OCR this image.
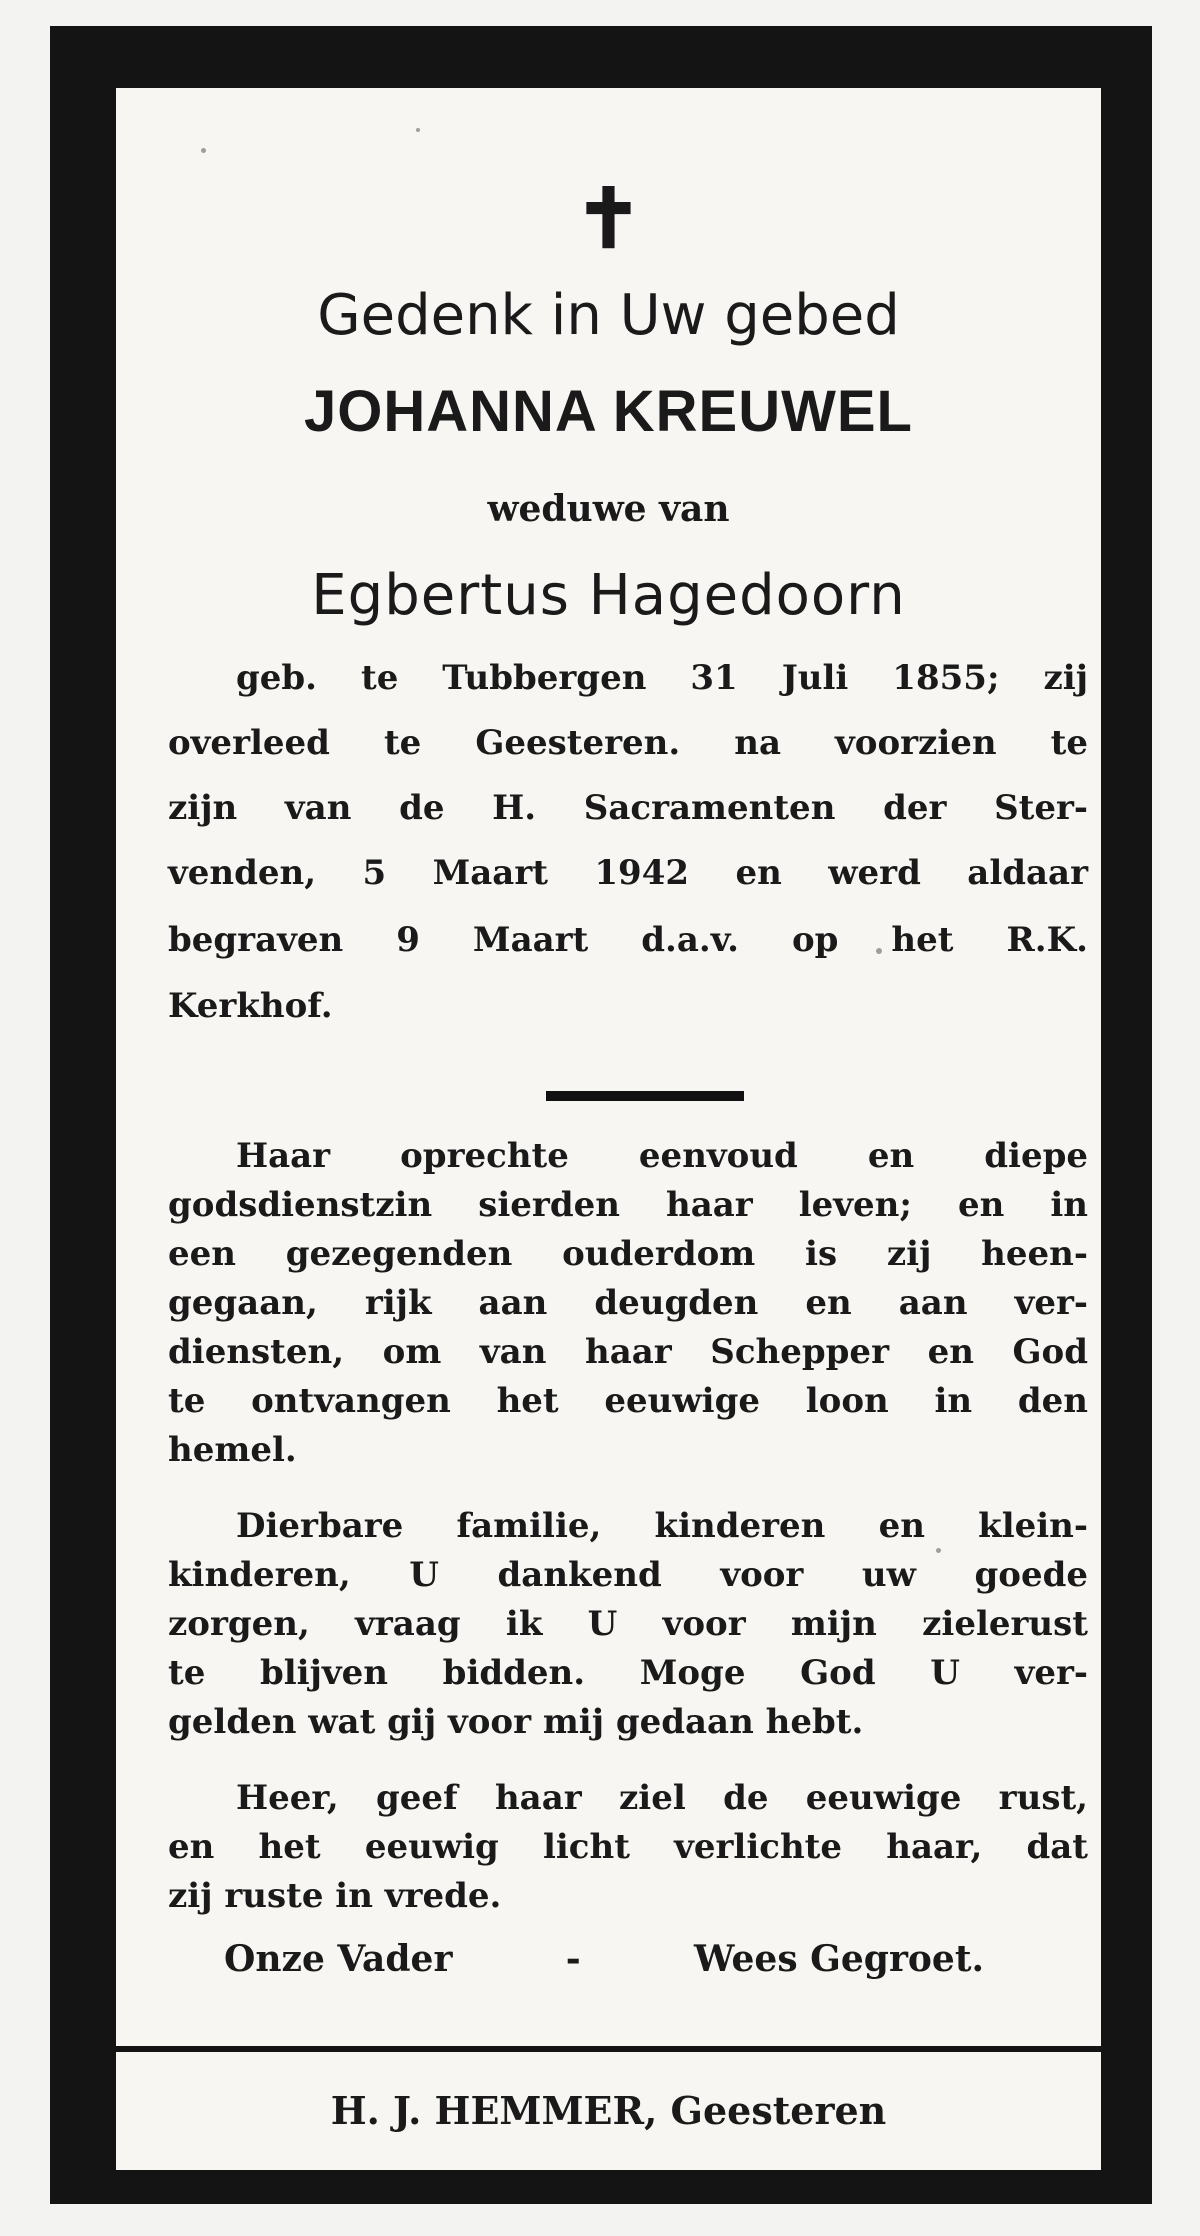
✝
Gedenk in Uw gebed
JOHANNA KREUWEL
weduwe van
Egbertus Hagedoorn
geb. te Tubbergen 31 Juli 1855; zij
overleed te Geesteren. na voorzien te
zijn van de H. Sacramenten der Ster-
venden, 5 Maart 1942 en werd aldaar
begraven 9 Maart d.a.v. op het R.K.
Kerkhof.
Haar oprechte eenvoud en diepe
godsdienstzin sierden haar leven; en in
een gezegenden ouderdom is zij heen-
gegaan, rijk aan deugden en aan ver-
diensten, om van haar Schepper en God
te ontvangen het eeuwige loon in den
hemel.
Dierbare familie, kinderen en klein-
kinderen, U dankend voor uw goede
zorgen, vraag ik U voor mijn zielerust
te blijven bidden. Moge God U ver-
gelden wat gij voor mij gedaan hebt.
Heer, geef haar ziel de eeuwige rust,
en het eeuwig licht verlichte haar, dat
zij ruste in vrede.
Onze Vader	-	Wees Gegroet.
H. J. HEMMER, Geesteren
